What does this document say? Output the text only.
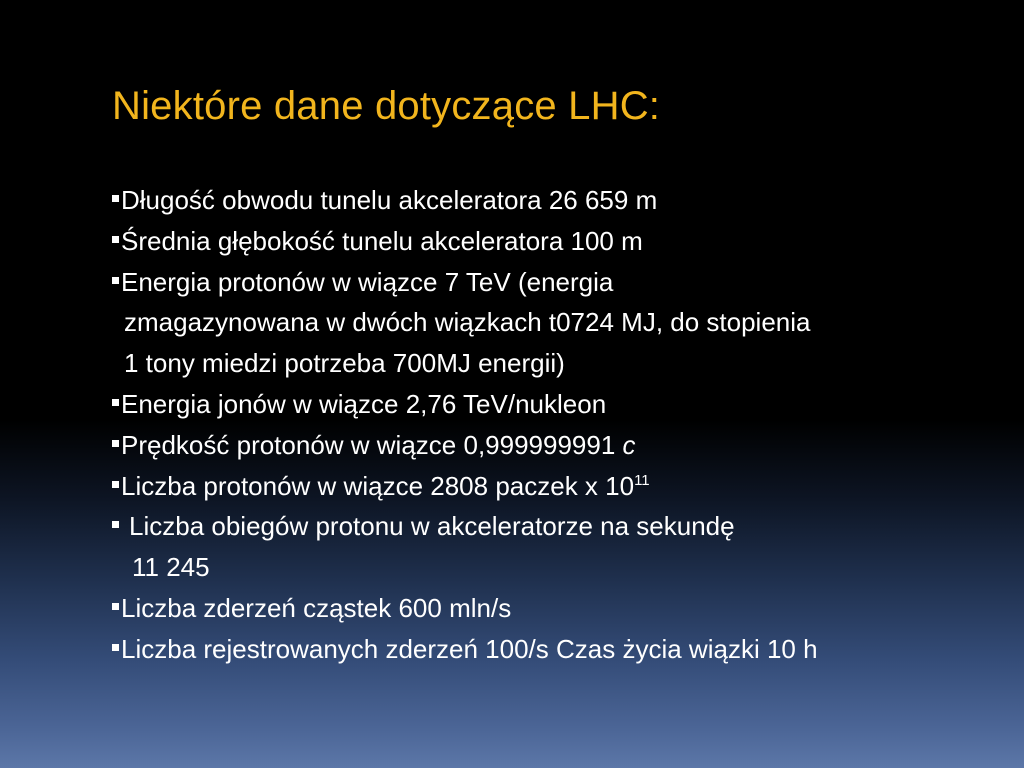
Niektóre dane dotyczące LHC:
Długość obwodu tunelu akceleratora 26 659 m
Średnia głębokość tunelu akceleratora 100 m
Energia protonów w wiązce 7 TeV (energia
zmagazynowana w dwóch wiązkach t0724 MJ, do stopienia
1 tony miedzi potrzeba 700MJ energii)
Energia jonów w wiązce 2,76 TeV/nukleon
Prędkość protonów w wiązce 0,999999991 c
Liczba protonów w wiązce 2808 paczek x $10^{11}$
Liczba obiegów protonu w akceleratorze na sekundę
11 245
Liczba zderzeń cząstek 600 mln/s
Liczba rejestrowanych zderzeń 100/s Czas życia wiązki 10 h
